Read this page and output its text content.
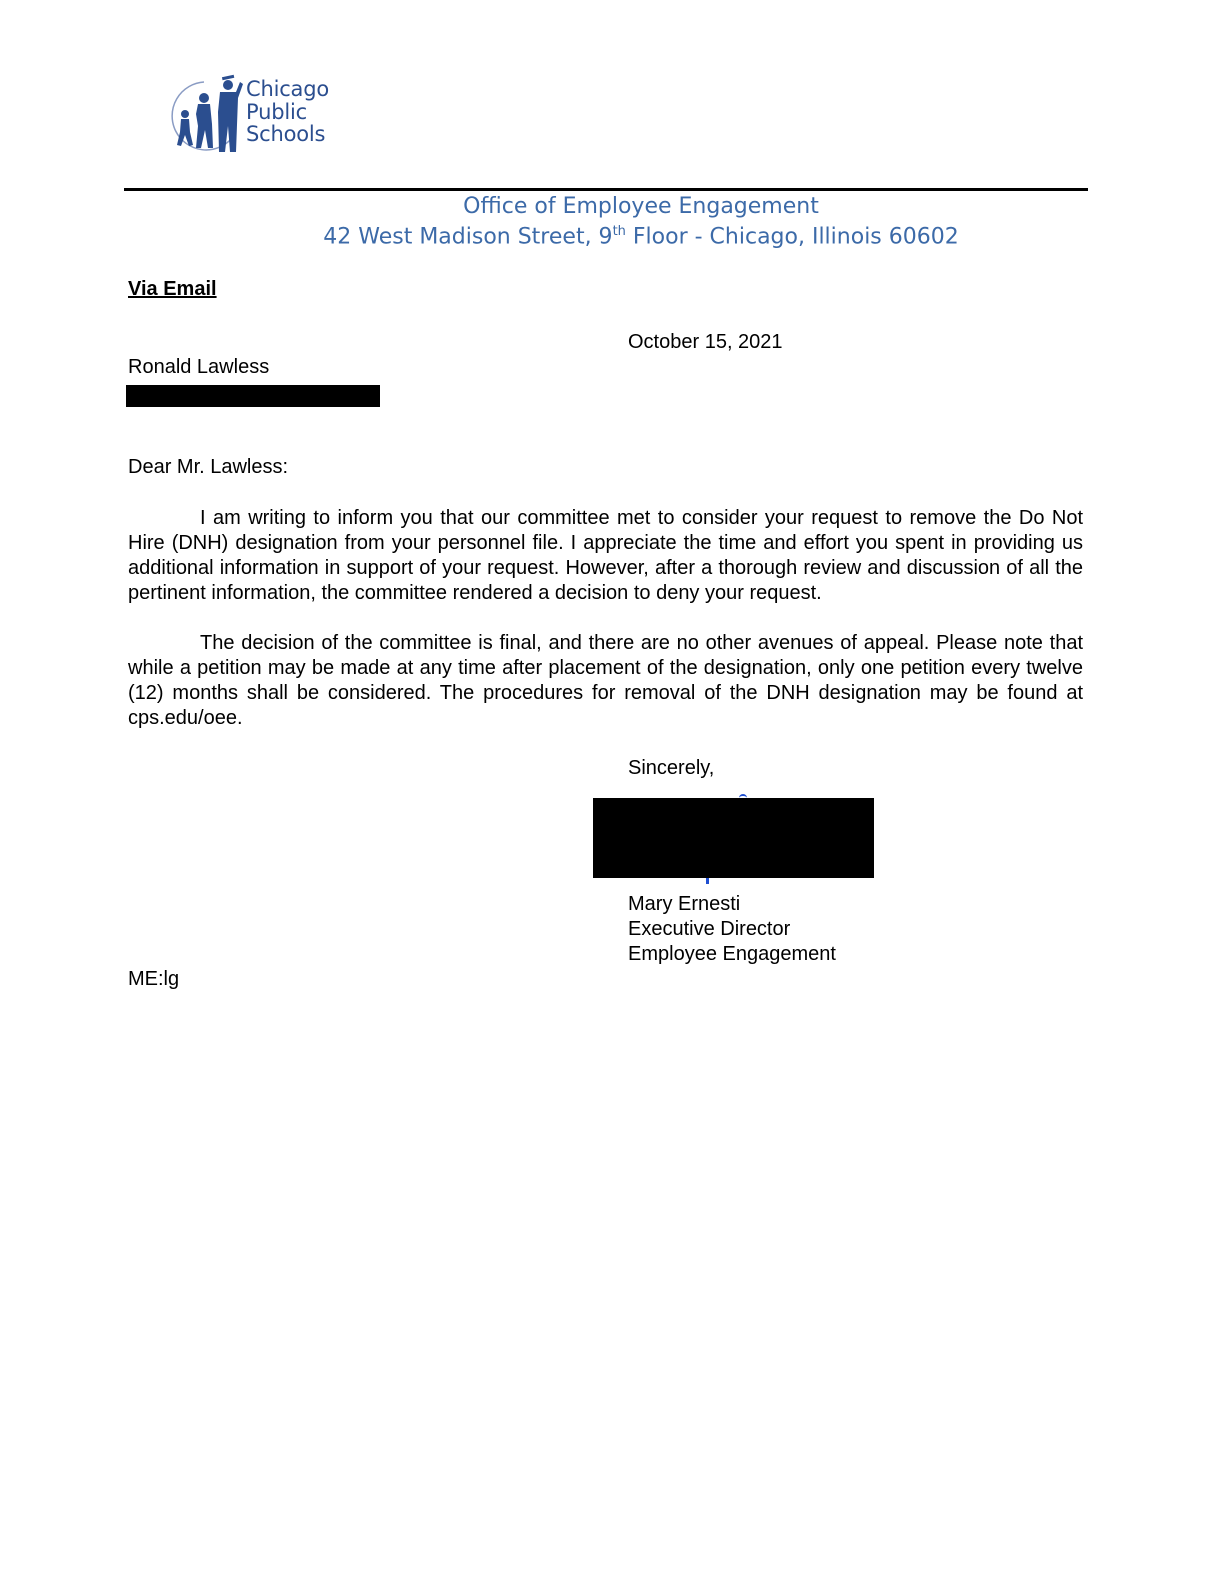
Chicago
Public
Schools
Office of Employee Engagement
42 West Madison Street, 9th Floor - Chicago, Illinois 60602
Via Email
October 15, 2021
Ronald Lawless
Dear Mr. Lawless:
I am writing to inform you that our committee met to consider your request to remove the Do Not Hire (DNH) designation from your personnel file. I appreciate the time and effort you spent in providing us additional information in support of your request. However, after a thorough review and discussion of all the pertinent information, the committee rendered a decision to deny your request.
The decision of the committee is final, and there are no other avenues of appeal. Please note that while a petition may be made at any time after placement of the designation, only one petition every twelve (12) months shall be considered. The procedures for removal of the DNH designation may be found at cps.edu/oee.
Sincerely,
Mary Ernesti
Executive Director
Employee Engagement
ME:lg
